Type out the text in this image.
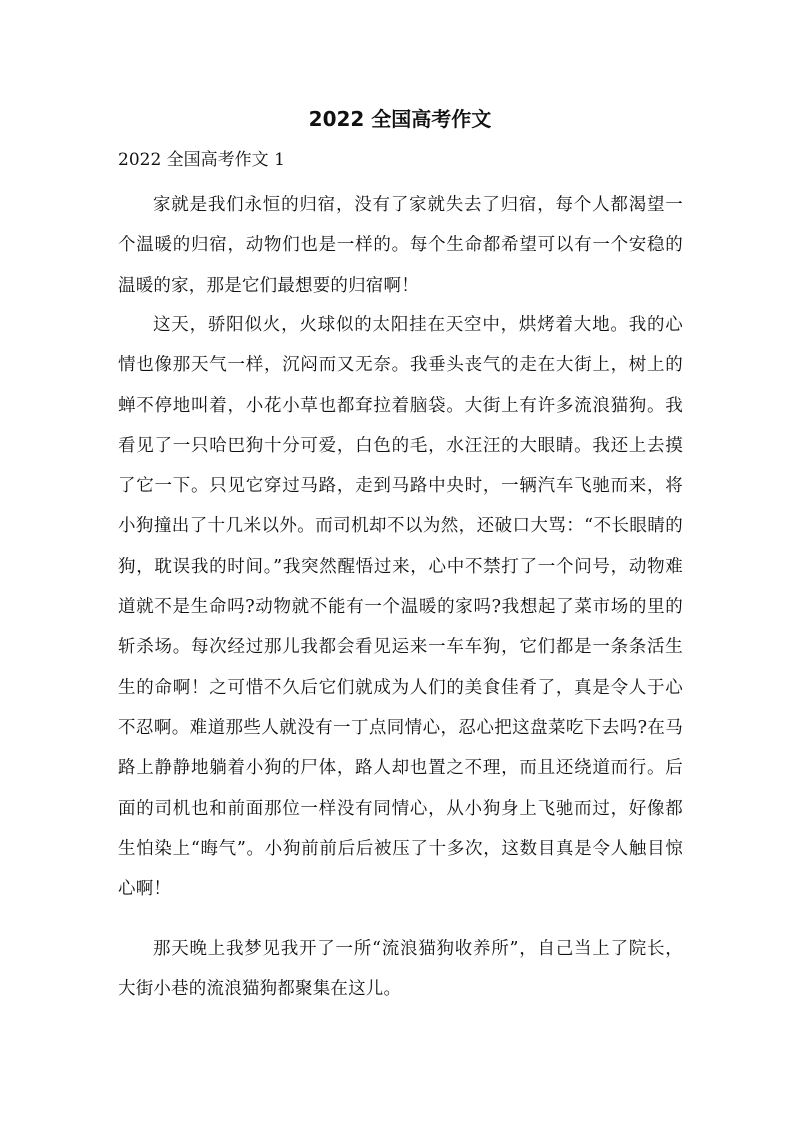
2022 全国高考作文

2022 全国高考作文 1

家就是我们永恒的归宿，没有了家就失去了归宿，每个人都渴望一个温暖的归宿，动物们也是一样的。每个生命都希望可以有一个安稳的温暖的家，那是它们最想要的归宿啊！

这天，骄阳似火，火球似的太阳挂在天空中，烘烤着大地。我的心情也像那天气一样，沉闷而又无奈。我垂头丧气的走在大街上，树上的蝉不停地叫着，小花小草也都耷拉着脑袋。大街上有许多流浪猫狗。我看见了一只哈巴狗十分可爱，白色的毛，水汪汪的大眼睛。我还上去摸了它一下。只见它穿过马路，走到马路中央时，一辆汽车飞驰而来，将小狗撞出了十几米以外。而司机却不以为然，还破口大骂：“不长眼睛的狗，耽误我的时间。”我突然醒悟过来，心中不禁打了一个问号，动物难道就不是生命吗?动物就不能有一个温暖的家吗?我想起了菜市场的里的斩杀场。每次经过那儿我都会看见运来一车车狗，它们都是一条条活生生的命啊！之可惜不久后它们就成为人们的美食佳肴了，真是令人于心不忍啊。难道那些人就没有一丁点同情心，忍心把这盘菜吃下去吗?在马路上静静地躺着小狗的尸体，路人却也置之不理，而且还绕道而行。后面的司机也和前面那位一样没有同情心，从小狗身上飞驰而过，好像都生怕染上“晦气”。小狗前前后后被压了十多次，这数目真是令人触目惊心啊！

那天晚上我梦见我开了一所“流浪猫狗收养所”，自己当上了院长，大街小巷的流浪猫狗都聚集在这儿。
